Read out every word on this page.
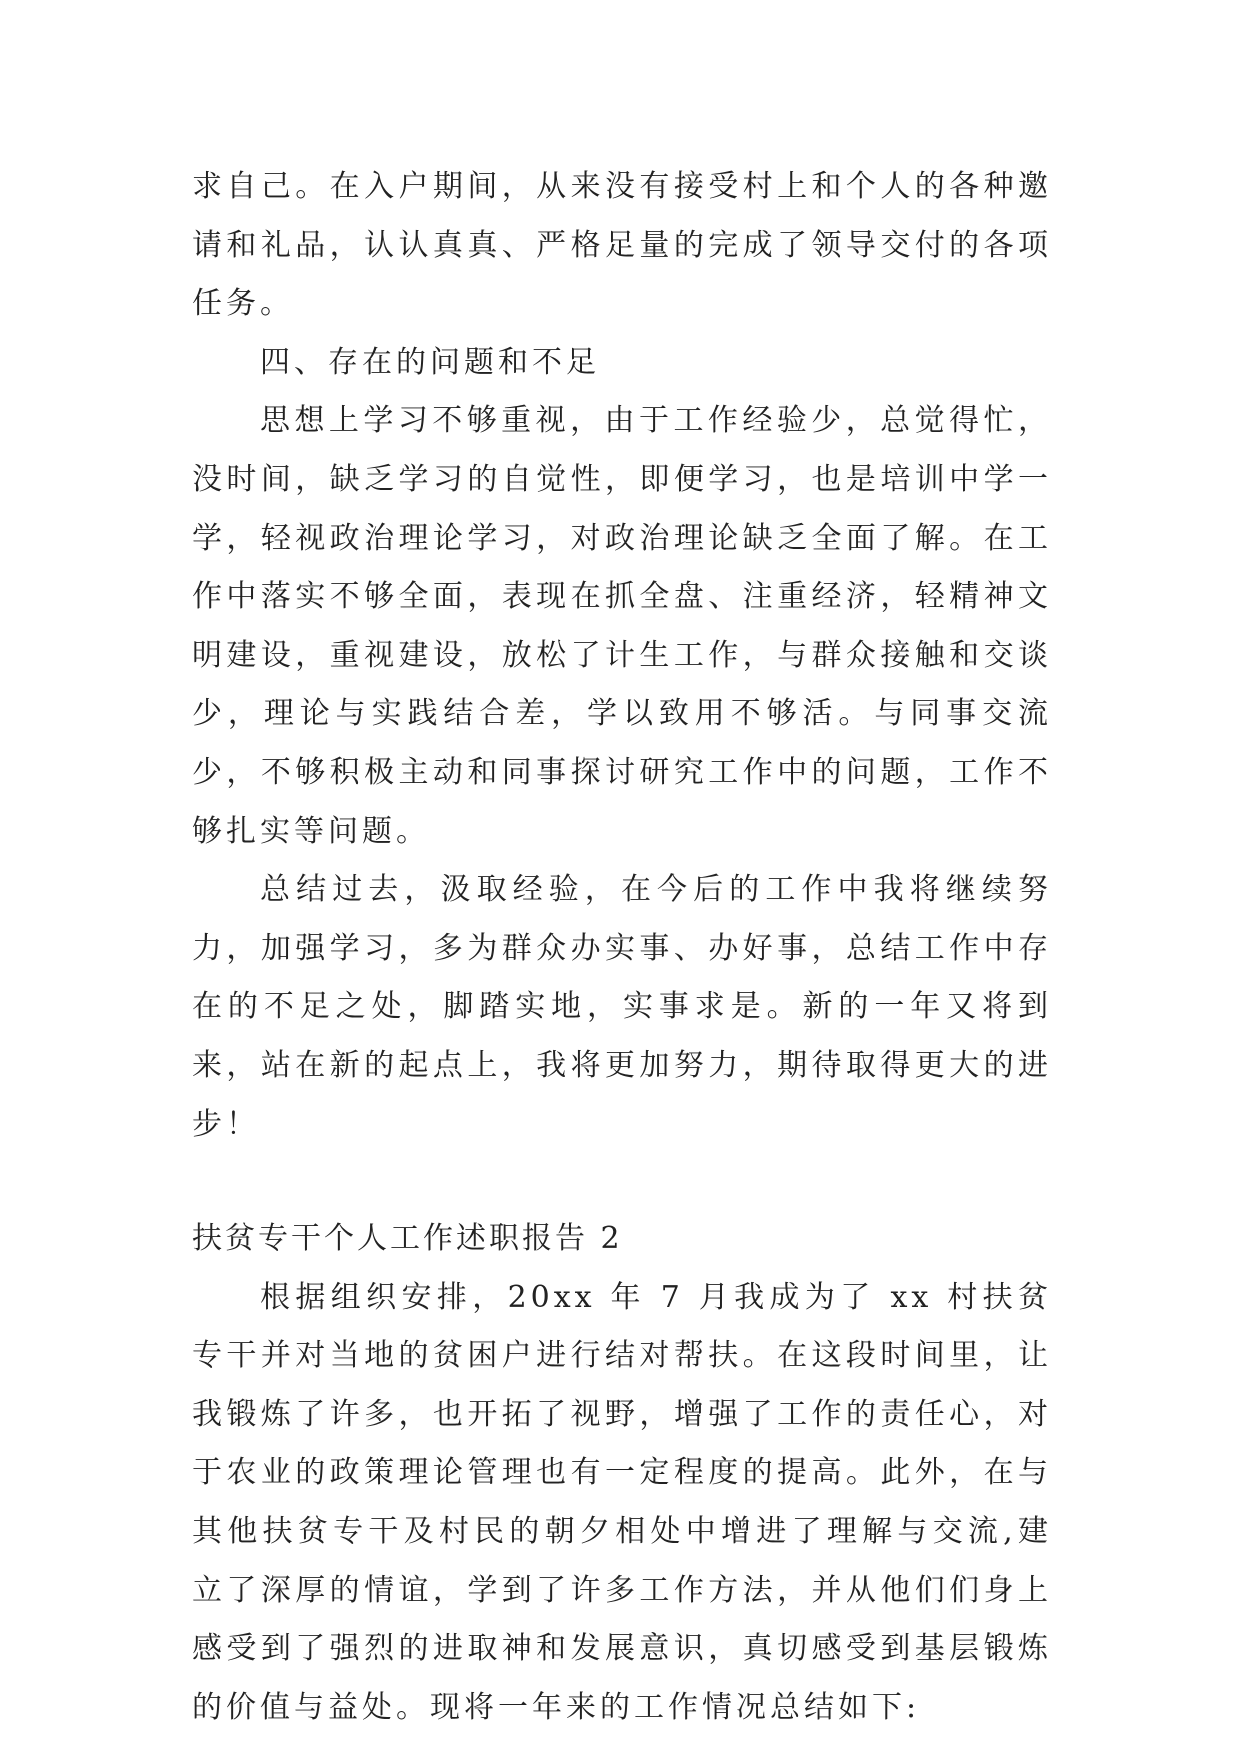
求自己。在入户期间，从来没有接受村上和个人的各种邀请和礼品，认认真真、严格足量的完成了领导交付的各项任务。

四、存在的问题和不足

思想上学习不够重视，由于工作经验少，总觉得忙，没时间，缺乏学习的自觉性，即便学习，也是培训中学一学，轻视政治理论学习，对政治理论缺乏全面了解。在工作中落实不够全面，表现在抓全盘、注重经济，轻精神文明建设，重视建设，放松了计生工作，与群众接触和交谈少，理论与实践结合差，学以致用不够活。与同事交流少，不够积极主动和同事探讨研究工作中的问题，工作不够扎实等问题。

总结过去，汲取经验，在今后的工作中我将继续努力，加强学习，多为群众办实事、办好事，总结工作中存在的不足之处，脚踏实地，实事求是。新的一年又将到来，站在新的起点上，我将更加努力，期待取得更大的进步！

扶贫专干个人工作述职报告 2

根据组织安排，20xx 年 7 月我成为了 xx 村扶贫专干并对当地的贫困户进行结对帮扶。在这段时间里，让我锻炼了许多，也开拓了视野，增强了工作的责任心，对于农业的政策理论管理也有一定程度的提高。此外，在与其他扶贫专干及村民的朝夕相处中增进了理解与交流,建立了深厚的情谊，学到了许多工作方法，并从他们们身上感受到了强烈的进取神和发展意识，真切感受到基层锻炼的价值与益处。现将一年来的工作情况总结如下:
